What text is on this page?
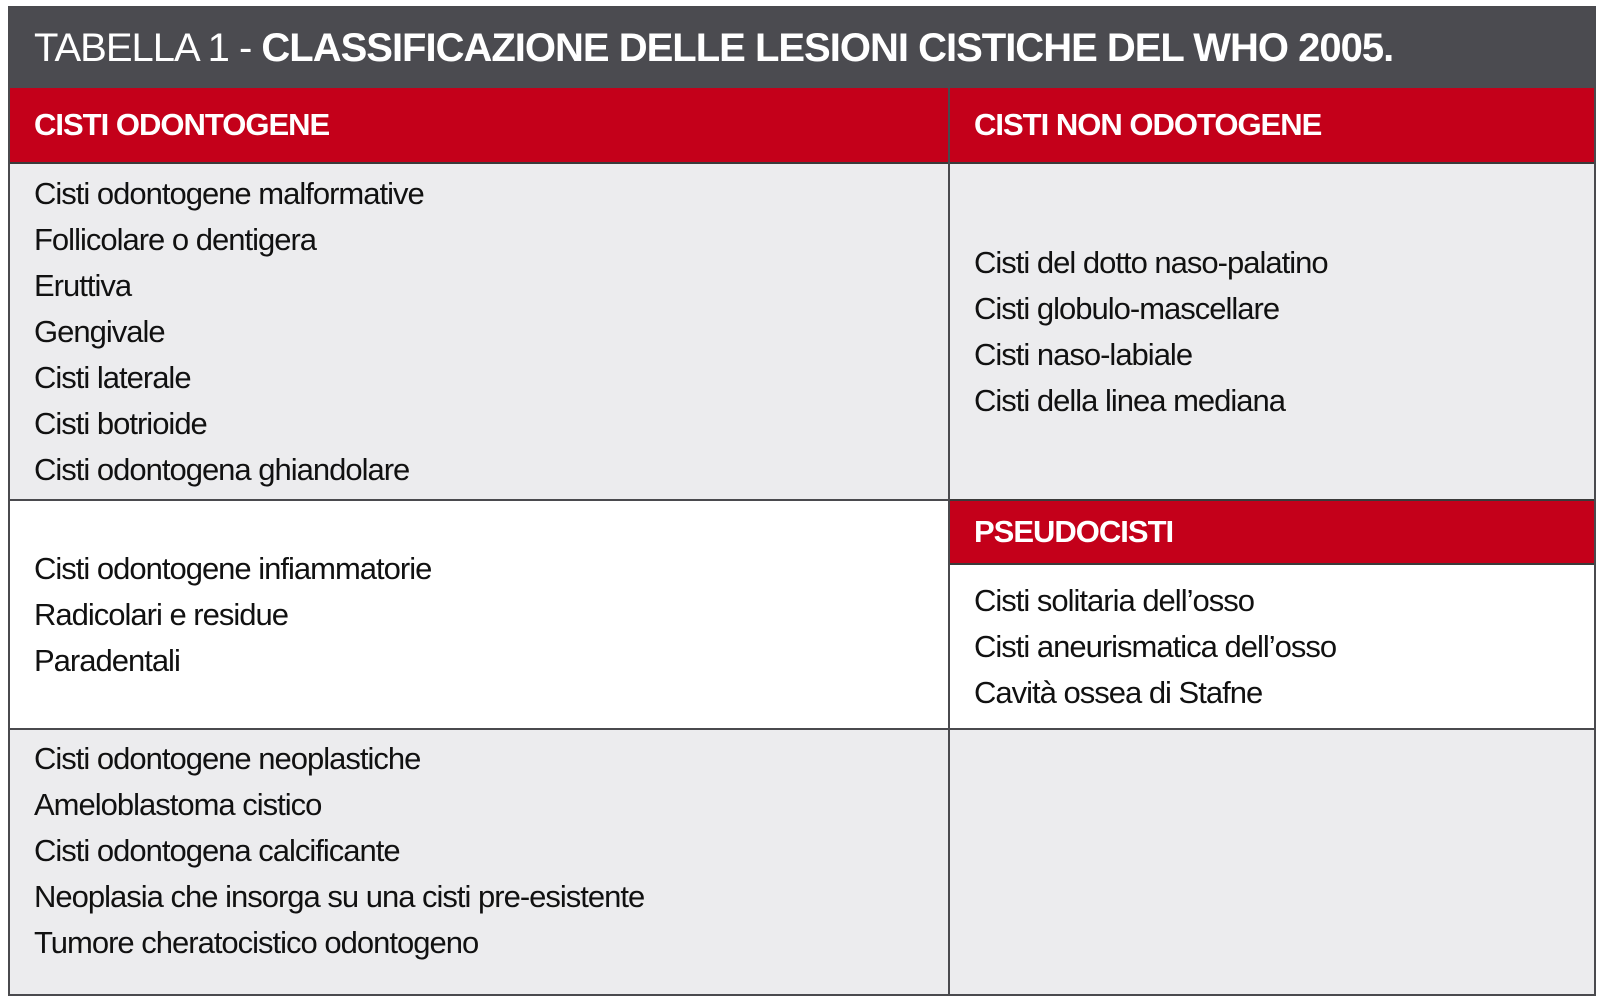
TABELLA 1 - CLASSIFICAZIONE DELLE LESIONI CISTICHE DEL WHO 2005.
CISTI ODONTOGENE	CISTI NON ODOTOGENE
Cisti odontogene malformative
Follicolare o dentigera
Eruttiva
Gengivale
Cisti laterale
Cisti botrioide
Cisti odontogena ghiandolare
Cisti odontogene infiammatorie
Radicolari e residue
Paradentali
Cisti odontogene neoplastiche
Ameloblastoma cistico
Cisti odontogena calcificante
Neoplasia che insorga su una cisti pre-esistente
Tumore cheratocistico odontogeno
Cisti del dotto naso-palatino
Cisti globulo-mascellare
Cisti naso-labiale
Cisti della linea mediana
PSEUDOCISTI
Cisti solitaria dell’osso
Cisti aneurismatica dell’osso
Cavità ossea di Stafne
